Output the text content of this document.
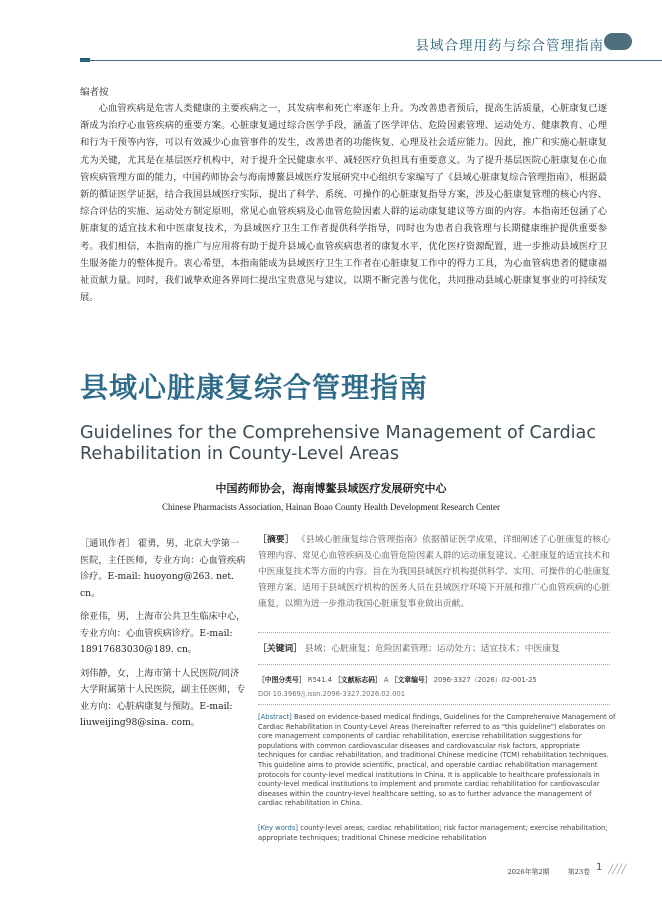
县域合理用药与综合管理指南
编者按

心血管疾病是危害人类健康的主要疾病之一，其发病率和死亡率逐年上升。为改善患者预后，提高生活质量，心脏康复已逐渐成为治疗心血管疾病的重要方案。心脏康复通过综合医学手段，涵盖了医学评估、危险因素管理、运动处方、健康教育、心理和行为干预等内容，可以有效减少心血管事件的发生，改善患者的功能恢复、心理及社会适应能力。因此，推广和实施心脏康复尤为关键，尤其是在基层医疗机构中，对于提升全民健康水平、减轻医疗负担具有重要意义。为了提升基层医院心脏康复在心血管疾病管理方面的能力，中国药师协会与海南博鳌县域医疗发展研究中心组织专家编写了《县域心脏康复综合管理指南》，根据最新的循证医学证据，结合我国县域医疗实际，提出了科学、系统、可操作的心脏康复指导方案，涉及心脏康复管理的核心内容、综合评估的实施、运动处方制定原则，常见心血管疾病及心血管危险因素人群的运动康复建议等方面的内容。本指南还包涵了心脏康复的适宜技术和中医康复技术，为县域医疗卫生工作者提供科学指导，同时也为患者自我管理与长期健康维护提供重要参考。我们相信，本指南的推广与应用将有助于提升县域心血管疾病患者的康复水平，优化医疗资源配置，进一步推动县域医疗卫生服务能力的整体提升。衷心希望，本指南能成为县域医疗卫生工作者在心脏康复工作中的得力工具，为心血管病患者的健康福祉贡献力量。同时，我们诚挚欢迎各界同仁提出宝贵意见与建议，以期不断完善与优化，共同推动县域心脏康复事业的可持续发展。

县域心脏康复综合管理指南
Guidelines for the Comprehensive Management of Cardiac Rehabilitation in County-Level Areas
中国药师协会，海南博鳌县域医疗发展研究中心
Chinese Pharmacists Association, Hainan Boao County Health Development Research Center

［通讯作者］ 霍勇，男，北京大学第一医院，主任医师，专业方向：心血管疾病诊疗。E-mail: huoyong@263. net. cn。

徐亚伟，男，上海市公共卫生临床中心，专业方向：心血管疾病诊疗。E-mail: 18917683030@189. cn。

刘伟静，女，上海市第十人民医院/同济大学附属第十人民医院，副主任医师，专业方向：心脏病康复与预防。E-mail: liuweijing98@sina. com。

［摘要］ 《县域心脏康复综合管理指南》依据循证医学成果，详细阐述了心脏康复的核心管理内容、常见心血管疾病及心血管危险因素人群的运动康复建议、心脏康复的适宜技术和中医康复技术等方面的内容。旨在为我国县域医疗机构提供科学、实用、可操作的心脏康复管理方案。适用于县域医疗机构的医务人员在县域医疗环境下开展和推广心血管疾病的心脏康复，以期为进一步推动我国心脏康复事业做出贡献。
［关键词］ 县域；心脏康复；危险因素管理；运动处方；适宜技术；中医康复
［中图分类号］ R541.4 ［文献标志码］ A ［文章编号］ 2096-3327（2026）02-001-25
DOI 10.3969/j.issn.2096-3327.2026.02.001

[Abstract] Based on evidence-based medical findings, Guidelines for the Comprehensive Management of Cardiac Rehabilitation in County-Level Areas (hereinafter referred to as "this guideline") elaborates on core management components of cardiac rehabilitation, exercise rehabilitation suggestions for populations with common cardiovascular diseases and cardiovascular risk factors, appropriate techniques for cardiac rehabilitation, and traditional Chinese medicine (TCM) rehabilitation techniques. This guideline aims to provide scientific, practical, and operable cardiac rehabilitation management protocols for county-level medical institutions in China. It is applicable to healthcare professionals in county-level medical institutions to implement and promote cardiac rehabilitation for cardiovascular diseases within the country-level healthcare setting, so as to further advance the management of cardiac rehabilitation in China.

[Key words] county-level areas; cardiac rehabilitation; risk factor management; exercise rehabilitation; appropriate techniques; traditional Chinese medicine rehabilitation

2026年第2期	第23卷 1 ╱╱╱╱
